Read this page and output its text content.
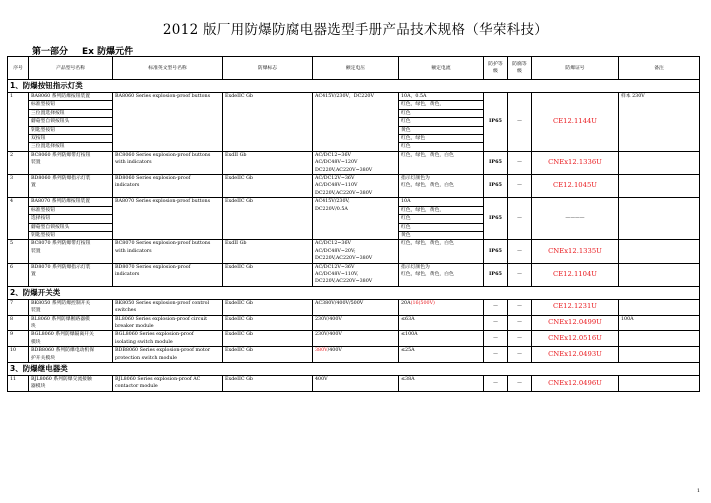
2012 版厂用防爆防腐电器选型手册产品技术规格（华荣科技）
第一部分 Ex 防爆元件
序号	产品型号名称	标准英文型号名称	防爆标志	额定电压	额定电流	防护等级	防腐等级	防爆证号	备注
1、防爆按钮指示灯类									
1	BA8060 系列防爆按钮装置	BA8060 Series explosion-proof buttons	ExdeIIC Gb	AC415V/230V，DC220V	10A，0.5A	IP65	—	CE12.1144U	样本 230V
	标准型按钮				红色，绿色，黄色，				
	三位置选择按钮				红色				
	蘑菇型自锁按钮头				红色				
	钥匙型按钮				黄色				
	双按钮				红色，绿色				
	三位置选择按钮				红色				
2	BC8060 系列防爆带灯按钮
装置	BC8060 Series explosion-proof buttons
with indicators	ExdII Gb	AC/DC12~36V
AC/DC48V~120V
DC220V,AC220V~380V	红色，绿色，黄色，白色	IP65	—	CNEx12.1336U	
3	BD8060 系列防爆指示灯装
置	BD8060 Series explosion-proof
indicators	ExdeIIC Gb	AC/DC12V~36V
AC/DC48V~110V
DC220V,AC220V~380V	指示灯颜色为
红色，绿色，黄色，白色	IP65	—	CE12.1045U	
4	BA8070 系列防爆按钮装置	BA8070 Series explosion-proof buttons	ExdeIIC Gb	AC415V/230V,
DC220V/0.5A	10A	IP65	—	————	
	标准型按钮				红色，绿色，黄色，				
	选择按钮				红色				
	蘑菇型自锁按钮头				红色				
	钥匙型按钮				黄色				
5	BC8070 系列防爆带灯按钮
装置	BC8070 Series explosion-proof buttons
with indicators	ExdII Gb	AC/DC12~36V
AC/DC48V~20V;
DC220V,AC220V~380V	红色，绿色，黄色，白色	IP65	—	CNEx12.1335U	
6	BD8070 系列防爆指示灯装
置	BD8070 Series explosion-proof
indicators	ExdeIIC Gb	AC/DC12V~36V
AC/DC48V~110V,
DC220V,AC220V~380V	指示灯颜色为
红色，绿色，黄色，白色	IP65	—	CE12.1104U	
2、防爆开关类									
7	BK8050 系列防爆控制开关
装置	BK8050 Series explosion-proof control
switches	ExdeIIC Gb	AC380V/400V/500V	20A(16(500V)	—	—	CE12.1231U	
8	BL8060 系列防爆断路器模
块	BL8060 Series explosion-proof circuit
breaker module	ExdeIIC Gb	230V/400V	≤63A	—	—	CNEx12.0499U	100A
9	BGL8060 系列防爆隔离开关
模块	BGL8060 Series explosion-proof
isolating switch module	ExdeIIC Gb	230V/400V	≤100A	—	—	CNEx12.0516U	
10	BDB8060 系列防爆电动机保
护开关模块	BDB8060 Series explosion-proof motor
protection switch module	ExdeIIC Gb	380V/400V	≤25A	—	—	CNEx12.0493U	
3、防爆继电器类									
11	BJL8060 系列防爆交流接触
器模块	BJL8060 Series explosion-proof AC
contactor module	ExdeIIC Gb	400V	≤38A	—	—	CNEx12.0496U	
1
